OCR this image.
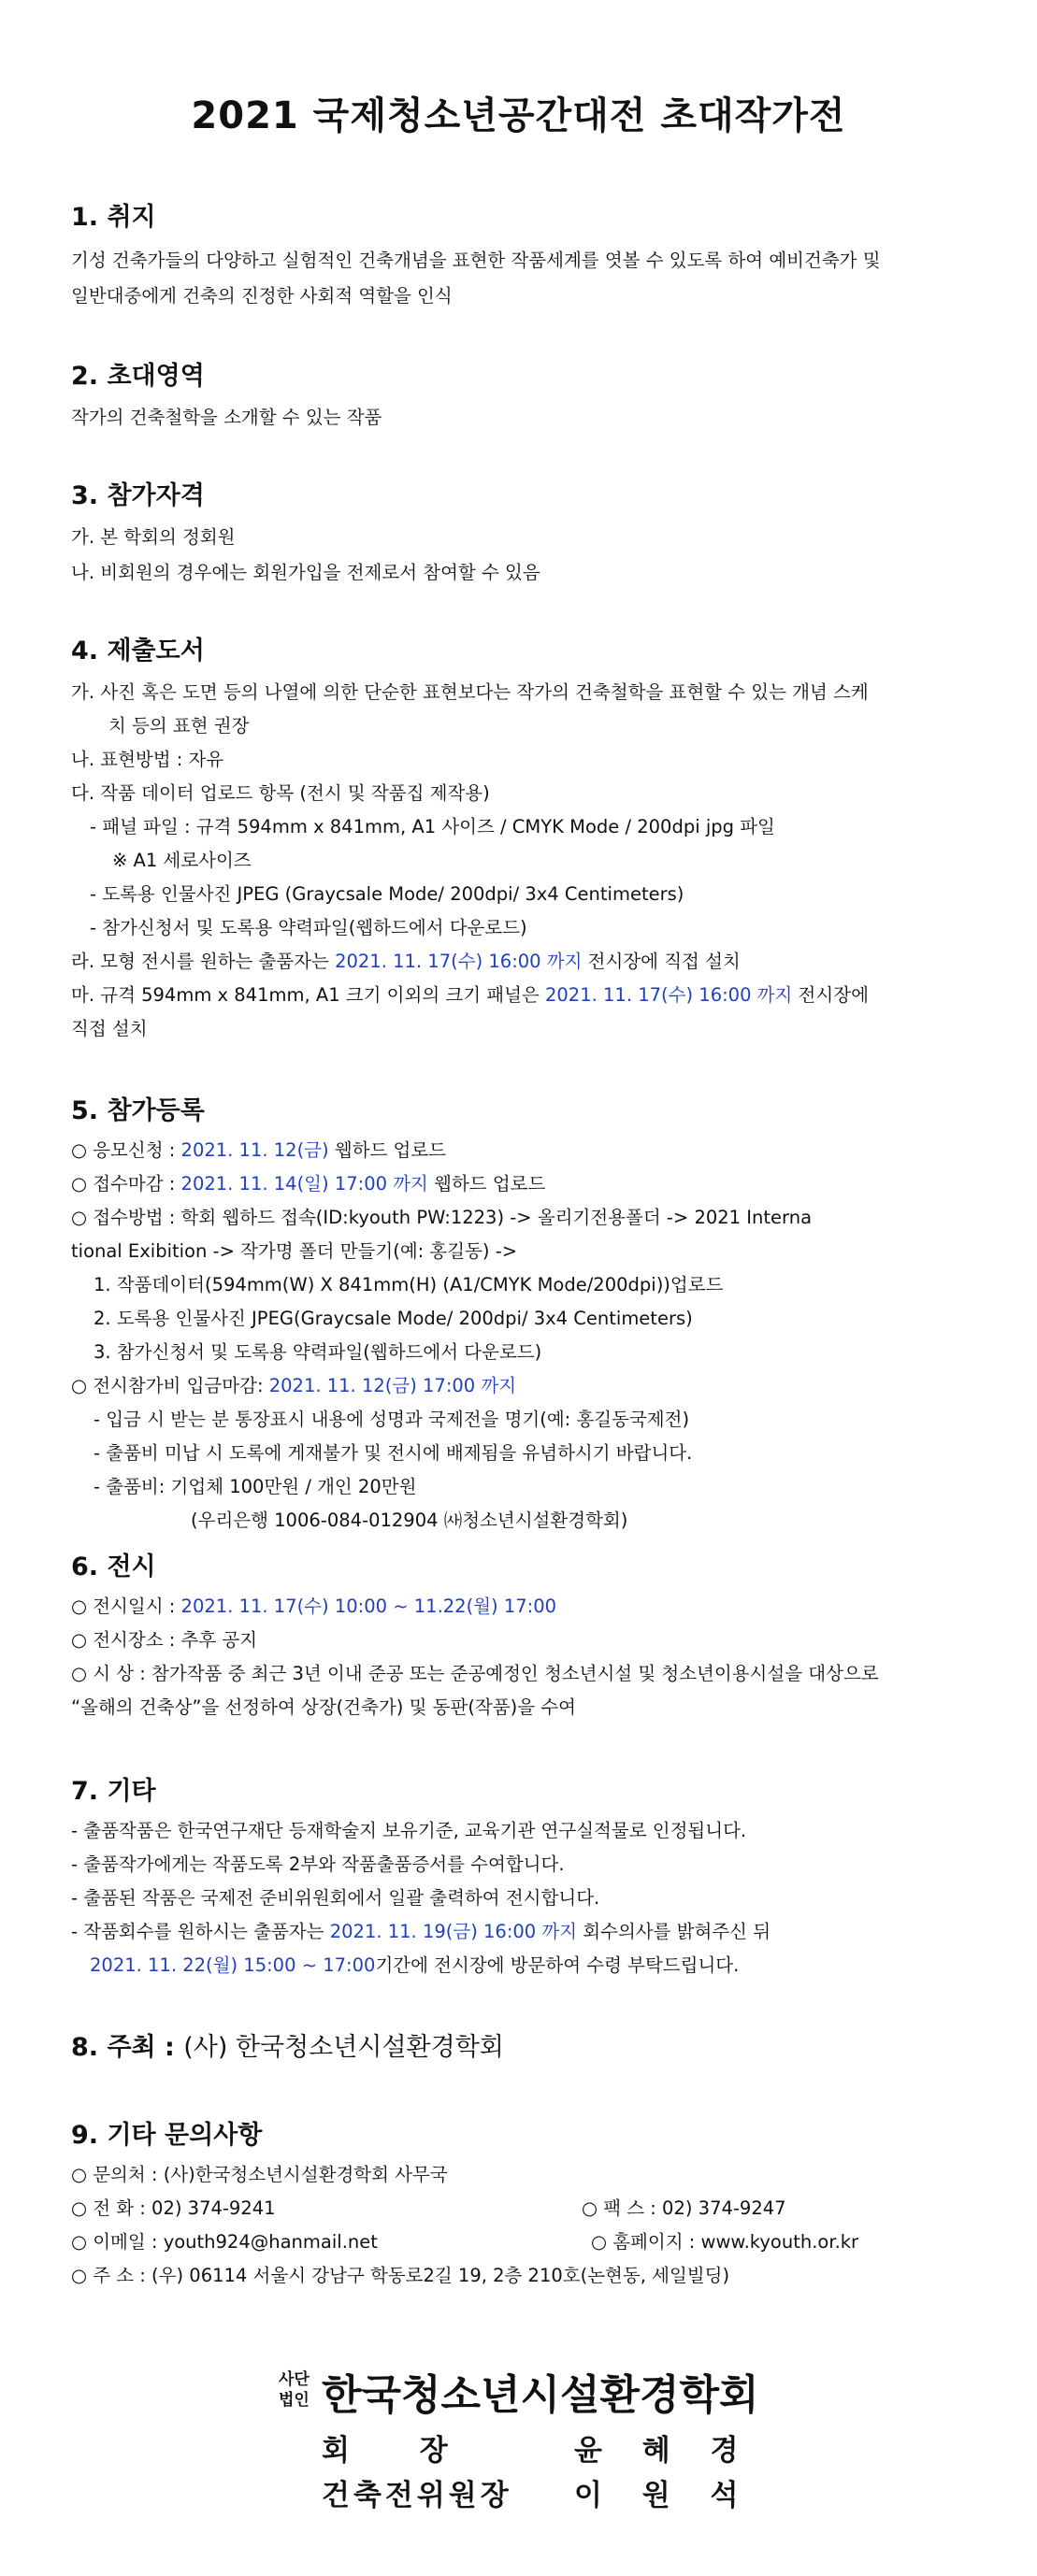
2021 국제청소년공간대전 초대작가전
1. 취지

기성 건축가들의 다양하고 실험적인 건축개념을 표현한 작품세계를 엿볼 수 있도록 하여 예비건축가 및

일반대중에게 건축의 진정한 사회적 역할을 인식

2. 초대영역

작가의 건축철학을 소개할 수 있는 작품

3. 참가자격

가. 본 학회의 정회원

나. 비회원의 경우에는 회원가입을 전제로서 참여할 수 있음

4. 제출도서

가. 사진 혹은 도면 등의 나열에 의한 단순한 표현보다는 작가의 건축철학을 표현할 수 있는 개념 스케

치 등의 표현 권장

나. 표현방법 : 자유

다. 작품 데이터 업로드 항목 (전시 및 작품집 제작용)

- 패널 파일 : 규격 594mm x 841mm, A1 사이즈 / CMYK Mode / 200dpi jpg 파일

※ A1 세로사이즈

- 도록용 인물사진 JPEG (Graycsale Mode/ 200dpi/ 3x4 Centimeters)

- 참가신청서 및 도록용 약력파일(웹하드에서 다운로드)

라. 모형 전시를 원하는 출품자는 2021. 11. 17(수) 16:00 까지 전시장에 직접 설치

마. 규격 594mm x 841mm, A1 크기 이외의 크기 패널은 2021. 11. 17(수) 16:00 까지 전시장에

직접 설치

5. 참가등록

○ 응모신청 : 2021. 11. 12(금) 웹하드 업로드

○ 접수마감 : 2021. 11. 14(일) 17:00 까지 웹하드 업로드

○ 접수방법 : 학회 웹하드 접속(ID:kyouth PW:1223) -> 올리기전용폴더 -> 2021 Interna

tional Exibition -> 작가명 폴더 만들기(예: 홍길동) ->

1. 작품데이터(594mm(W) X 841mm(H) (A1/CMYK Mode/200dpi))업로드

2. 도록용 인물사진 JPEG(Graycsale Mode/ 200dpi/ 3x4 Centimeters)

3. 참가신청서 및 도록용 약력파일(웹하드에서 다운로드)

○ 전시참가비 입금마감: 2021. 11. 12(금) 17:00 까지

- 입금 시 받는 분 통장표시 내용에 성명과 국제전을 명기(예: 홍길동국제전)

- 출품비 미납 시 도록에 게재불가 및 전시에 배제됨을 유념하시기 바랍니다.

- 출품비: 기업체 100만원 / 개인 20만원

(우리은행 1006-084-012904 ㈔청소년시설환경학회)

6. 전시

○ 전시일시 : 2021. 11. 17(수) 10:00 ~ 11.22(월) 17:00

○ 전시장소 : 추후 공지

○ 시 상 : 참가작품 중 최근 3년 이내 준공 또는 준공예정인 청소년시설 및 청소년이용시설을 대상으로

“올해의 건축상”을 선정하여 상장(건축가) 및 동판(작품)을 수여

7. 기타

- 출품작품은 한국연구재단 등재학술지 보유기준, 교육기관 연구실적물로 인정됩니다.

- 출품작가에게는 작품도록 2부와 작품출품증서를 수여합니다.

- 출품된 작품은 국제전 준비위원회에서 일괄 출력하여 전시합니다.

- 작품회수를 원하시는 출품자는 2021. 11. 19(금) 16:00 까지 회수의사를 밝혀주신 뒤

2021. 11. 22(월) 15:00 ~ 17:00기간에 전시장에 방문하여 수령 부탁드립니다.

8. 주최 : (사) 한국청소년시설환경학회

9. 기타 문의사항

○ 문의처 : (사)한국청소년시설환경학회 사무국

○ 전 화 : 02) 374-9241	○ 팩 스 : 02) 374-9247

○ 이메일 : youth924@hanmail.net	○ 홈페이지 : www.kyouth.or.kr

○ 주 소 : (우) 06114 서울시 강남구 학동로2길 19, 2층 210호(논현동, 세일빌딩)

사단
법인 한국청소년시설환경학회
회 장	윤 혜 경
건축전위원장 이 원 석
